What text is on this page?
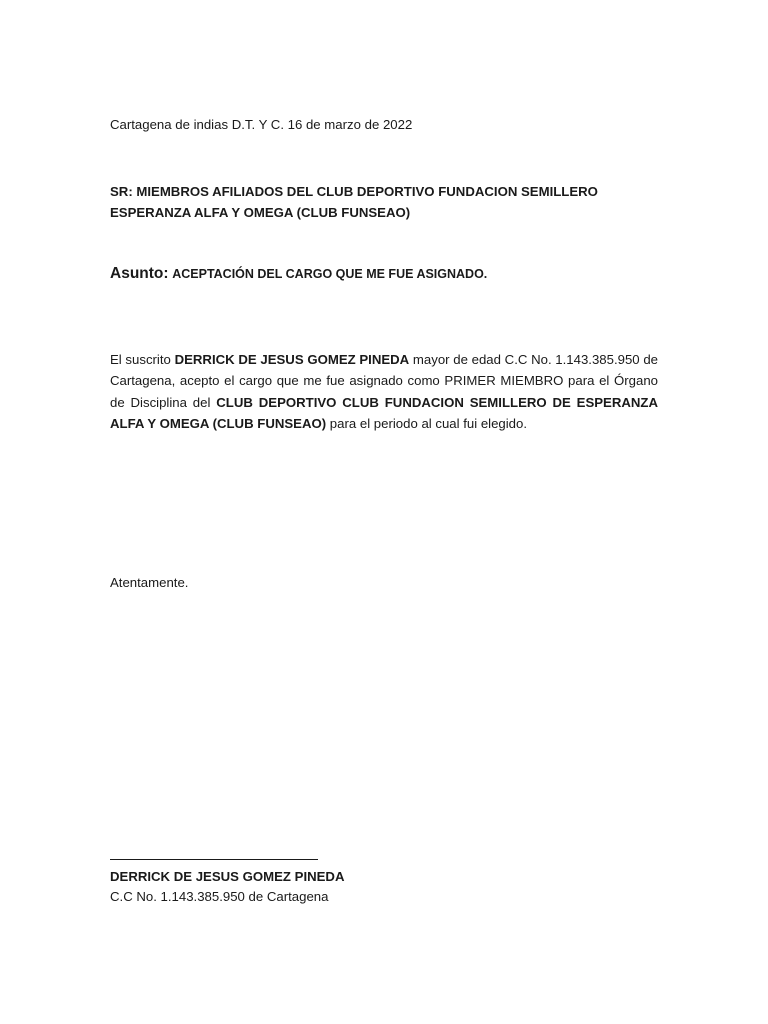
Cartagena de indias D.T. Y C. 16 de marzo de 2022
SR: MIEMBROS AFILIADOS DEL CLUB DEPORTIVO FUNDACION SEMILLERO
ESPERANZA ALFA Y OMEGA (CLUB FUNSEAO)
Asunto: ACEPTACIÓN DEL CARGO QUE ME FUE ASIGNADO.
El suscrito DERRICK DE JESUS GOMEZ PINEDA mayor de edad C.C No. 1.143.385.950 de Cartagena, acepto el cargo que me fue asignado como PRIMER MIEMBRO para el Órgano de Disciplina del CLUB DEPORTIVO CLUB FUNDACION SEMILLERO DE ESPERANZA ALFA Y OMEGA (CLUB FUNSEAO) para el periodo al cual fui elegido.
Atentamente.
DERRICK DE JESUS GOMEZ PINEDA
C.C No. 1.143.385.950 de Cartagena
